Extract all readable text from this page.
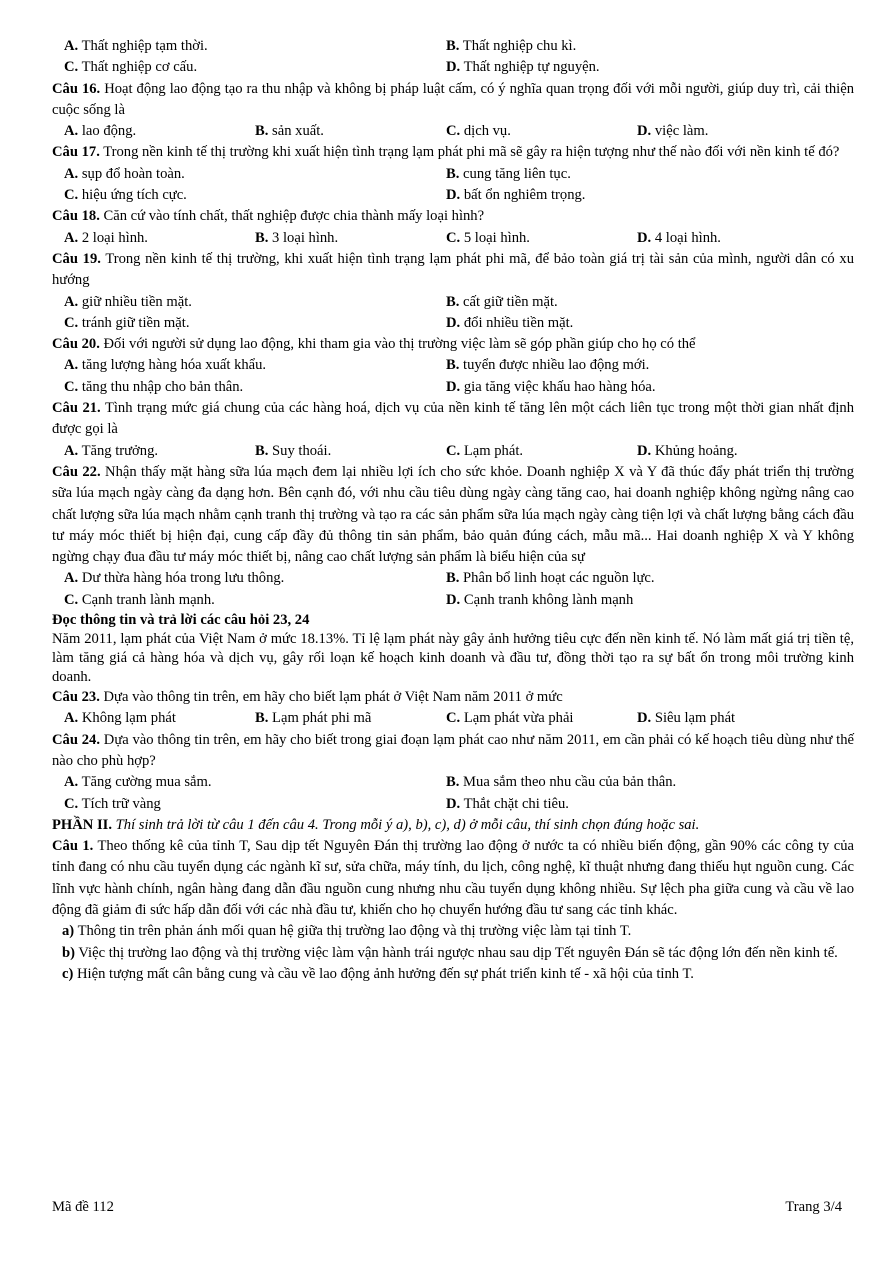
A. Thất nghiệp tạm thời.	B. Thất nghiệp chu kì.
C. Thất nghiệp cơ cấu.	D. Thất nghiệp tự nguyện.
Câu 16. Hoạt động lao động tạo ra thu nhập và không bị pháp luật cấm, có ý nghĩa quan trọng đối với mỗi người, giúp duy trì, cải thiện cuộc sống là
A. lao động.	B. sản xuất.	C. dịch vụ.	D. việc làm.
Câu 17. Trong nền kinh tế thị trường khi xuất hiện tình trạng lạm phát phi mã sẽ gây ra hiện tượng như thế nào đối với nền kinh tế đó?
A. sụp đổ hoàn toàn.	B. cung tăng liên tục.
C. hiệu ứng tích cực.	D. bất ổn nghiêm trọng.
Câu 18. Căn cứ vào tính chất, thất nghiệp được chia thành mấy loại hình?
A. 2 loại hình.	B. 3 loại hình.	C. 5 loại hình.	D. 4 loại hình.
Câu 19. Trong nền kinh tế thị trường, khi xuất hiện tình trạng lạm phát phi mã, để bảo toàn giá trị tài sản của mình, người dân có xu hướng
A. giữ nhiều tiền mặt.	B. cất giữ tiền mặt.
C. tránh giữ tiền mặt.	D. đổi nhiều tiền mặt.
Câu 20. Đối với người sử dụng lao động, khi tham gia vào thị trường việc làm sẽ góp phần giúp cho họ có thể
A. tăng lượng hàng hóa xuất khẩu.	B. tuyển được nhiều lao động mới.
C. tăng thu nhập cho bản thân.	D. gia tăng việc khấu hao hàng hóa.
Câu 21. Tình trạng mức giá chung của các hàng hoá, dịch vụ của nền kinh tế tăng lên một cách liên tục trong một thời gian nhất định được gọi là
A. Tăng trưởng.	B. Suy thoái.	C. Lạm phát.	D. Khủng hoảng.
Câu 22. Nhận thấy mặt hàng sữa lúa mạch đem lại nhiều lợi ích cho sức khỏe. Doanh nghiệp X và Y đã thúc đẩy phát triển thị trường sữa lúa mạch ngày càng đa dạng hơn. Bên cạnh đó, với nhu cầu tiêu dùng ngày càng tăng cao, hai doanh nghiệp không ngừng nâng cao chất lượng sữa lúa mạch nhằm cạnh tranh thị trường và tạo ra các sản phẩm sữa lúa mạch ngày càng tiện lợi và chất lượng bằng cách đầu tư máy móc thiết bị hiện đại, cung cấp đầy đủ thông tin sản phẩm, bảo quản đúng cách, mẫu mã... Hai doanh nghiệp X và Y không ngừng chạy đua đầu tư máy móc thiết bị, nâng cao chất lượng sản phẩm là biểu hiện của sự
A. Dư thừa hàng hóa trong lưu thông.	B. Phân bổ linh hoạt các nguồn lực.
C. Cạnh tranh lành mạnh.	D. Cạnh tranh không lành mạnh
Đọc thông tin và trả lời các câu hỏi 23, 24
Năm 2011, lạm phát của Việt Nam ở mức 18.13%. Tỉ lệ lạm phát này gây ảnh hưởng tiêu cực đến nền kinh tế. Nó làm mất giá trị tiền tệ, làm tăng giá cả hàng hóa và dịch vụ, gây rối loạn kế hoạch kinh doanh và đầu tư, đồng thời tạo ra sự bất ổn trong môi trường kinh doanh.
Câu 23. Dựa vào thông tin trên, em hãy cho biết lạm phát ở Việt Nam năm 2011 ở mức
A. Không lạm phát	B. Lạm phát phi mã	C. Lạm phát vừa phải	D. Siêu lạm phát
Câu 24. Dựa vào thông tin trên, em hãy cho biết trong giai đoạn lạm phát cao như năm 2011, em cần phải có kế hoạch tiêu dùng như thế nào cho phù hợp?
A. Tăng cường mua sắm.	B. Mua sắm theo nhu cầu của bản thân.
C. Tích trữ vàng	D. Thắt chặt chi tiêu.
PHẦN II. Thí sinh trả lời từ câu 1 đến câu 4. Trong mỗi ý a), b), c), d) ở mỗi câu, thí sinh chọn đúng hoặc sai.
Câu 1. Theo thống kê của tỉnh T, Sau dịp tết Nguyên Đán thị trường lao động ở nước ta có nhiều biến động, gần 90% các công ty của tỉnh đang có nhu cầu tuyển dụng các ngành kĩ sư, sửa chữa, máy tính, du lịch, công nghệ, kĩ thuật nhưng đang thiếu hụt nguồn cung. Các lĩnh vực hành chính, ngân hàng đang dẫn đầu nguồn cung nhưng nhu cầu tuyển dụng không nhiều. Sự lệch pha giữa cung và cầu về lao động đã giảm đi sức hấp dẫn đối với các nhà đầu tư, khiến cho họ chuyển hướng đầu tư sang các tỉnh khác.
a) Thông tin trên phản ánh mối quan hệ giữa thị trường lao động và thị trường việc làm tại tỉnh T.
b) Việc thị trường lao động và thị trường việc làm vận hành trái ngược nhau sau dịp Tết nguyên Đán sẽ tác động lớn đến nền kinh tế.
c) Hiện tượng mất cân bằng cung và cầu về lao động ảnh hưởng đến sự phát triển kinh tế - xã hội của tỉnh T.
Mã đề 112	Trang 3/4
